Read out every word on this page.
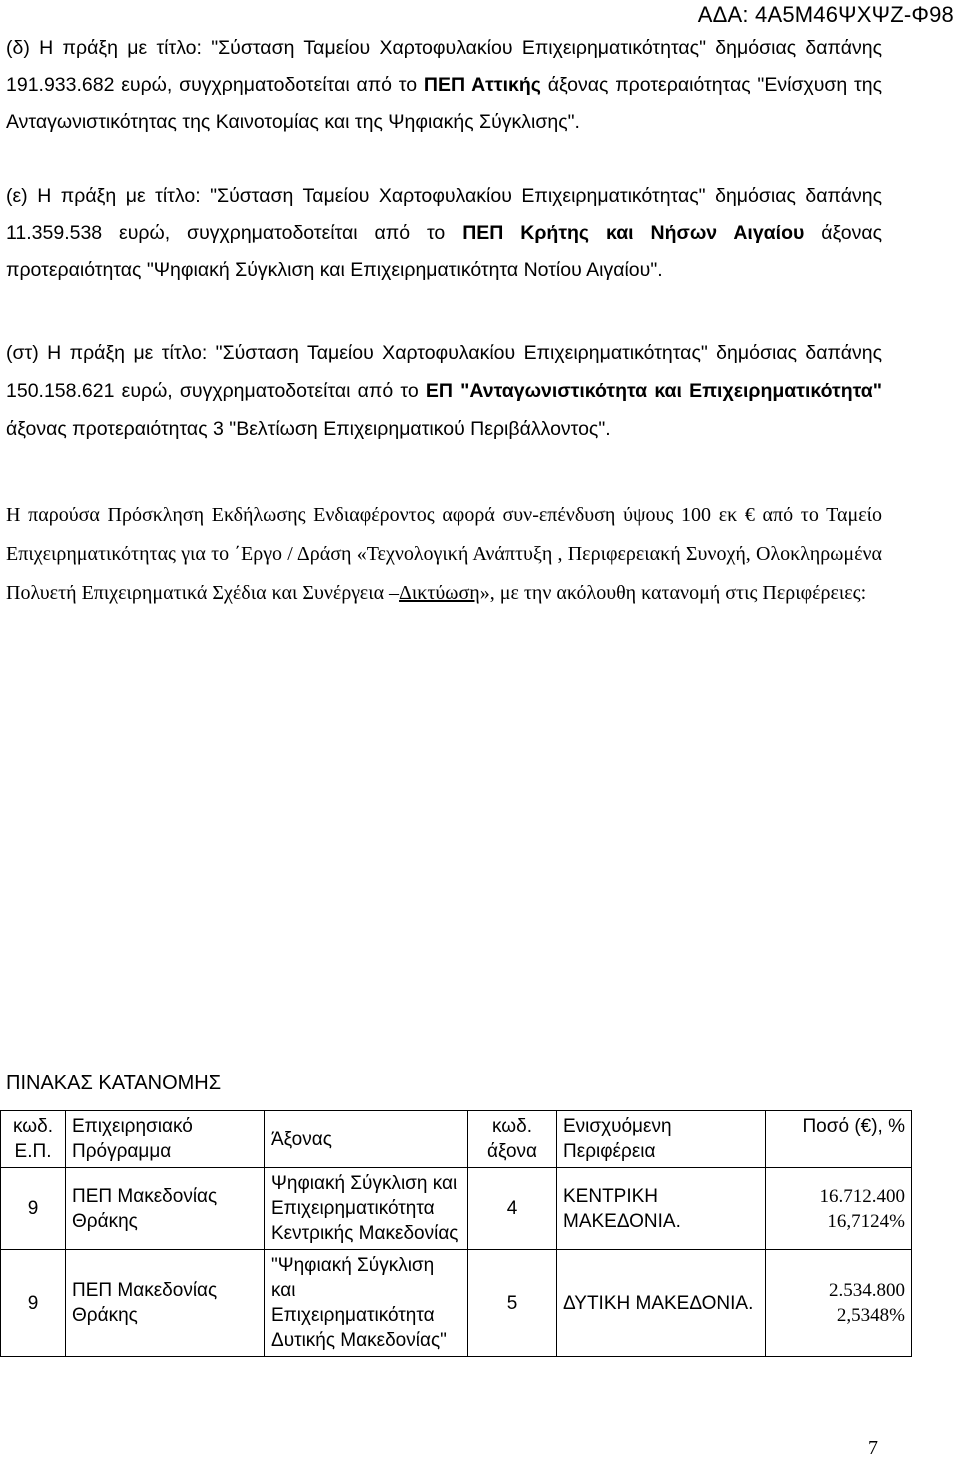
ΑΔΑ: 4Α5Μ46ΨΧΨΖ-Φ98
(δ) Η πράξη με τίτλο: "Σύσταση Ταμείου Χαρτοφυλακίου Επιχειρηματικότητας" δημόσιας δαπάνης 191.933.682 ευρώ, συγχρηματοδοτείται από το ΠΕΠ Αττικής άξονας προτεραιότητας "Ενίσχυση της Ανταγωνιστικότητας της Καινοτομίας και της Ψηφιακής Σύγκλισης".
(ε) Η πράξη με τίτλο: "Σύσταση Ταμείου Χαρτοφυλακίου Επιχειρηματικότητας" δημόσιας δαπάνης 11.359.538 ευρώ, συγχρηματοδοτείται από το ΠΕΠ Κρήτης και Νήσων Αιγαίου άξονας προτεραιότητας "Ψηφιακή Σύγκλιση και Επιχειρηματικότητα Νοτίου Αιγαίου".
(στ) Η πράξη με τίτλο: "Σύσταση Ταμείου Χαρτοφυλακίου Επιχειρηματικότητας" δημόσιας δαπάνης 150.158.621 ευρώ, συγχρηματοδοτείται από το ΕΠ "Ανταγωνιστικότητα και Επιχειρηματικότητα" άξονας προτεραιότητας 3 "Βελτίωση Επιχειρηματικού Περιβάλλοντος".
Η παρούσα Πρόσκληση Εκδήλωσης Ενδιαφέροντος αφορά συν-επένδυση ύψους 100 εκ € από το Ταμείο Επιχειρηματικότητας για το ΄Εργο / Δράση «Τεχνολογική Ανάπτυξη , Περιφερειακή Συνοχή, Ολοκληρωμένα Πολυετή Επιχειρηματικά Σχέδια και Συνέργεια –Δικτύωση», με την ακόλουθη κατανομή στις Περιφέρειες:
ΠΙΝΑΚΑΣ ΚΑΤΑΝΟΜΗΣ
κωδ. Ε.Π.	Επιχειρησιακό Πρόγραμμα	Άξονας	κωδ. άξονα	Ενισχυόμενη Περιφέρεια	Ποσό (€), %
9	ΠΕΠ Μακεδονίας Θράκης	Ψηφιακή Σύγκλιση και Επιχειρηματικότητα Κεντρικής Μακεδονίας	4	ΚΕΝΤΡΙΚΗ ΜΑΚΕΔΟΝΙΑ.	16.712.400
16,7124%

9	ΠΕΠ Μακεδονίας Θράκης	"Ψηφιακή Σύγκλιση και Επιχειρηματικότητα Δυτικής Μακεδονίας"	5	ΔΥΤΙΚΗ ΜΑΚΕΔΟΝΙΑ.	2.534.800
2,5348%
7
